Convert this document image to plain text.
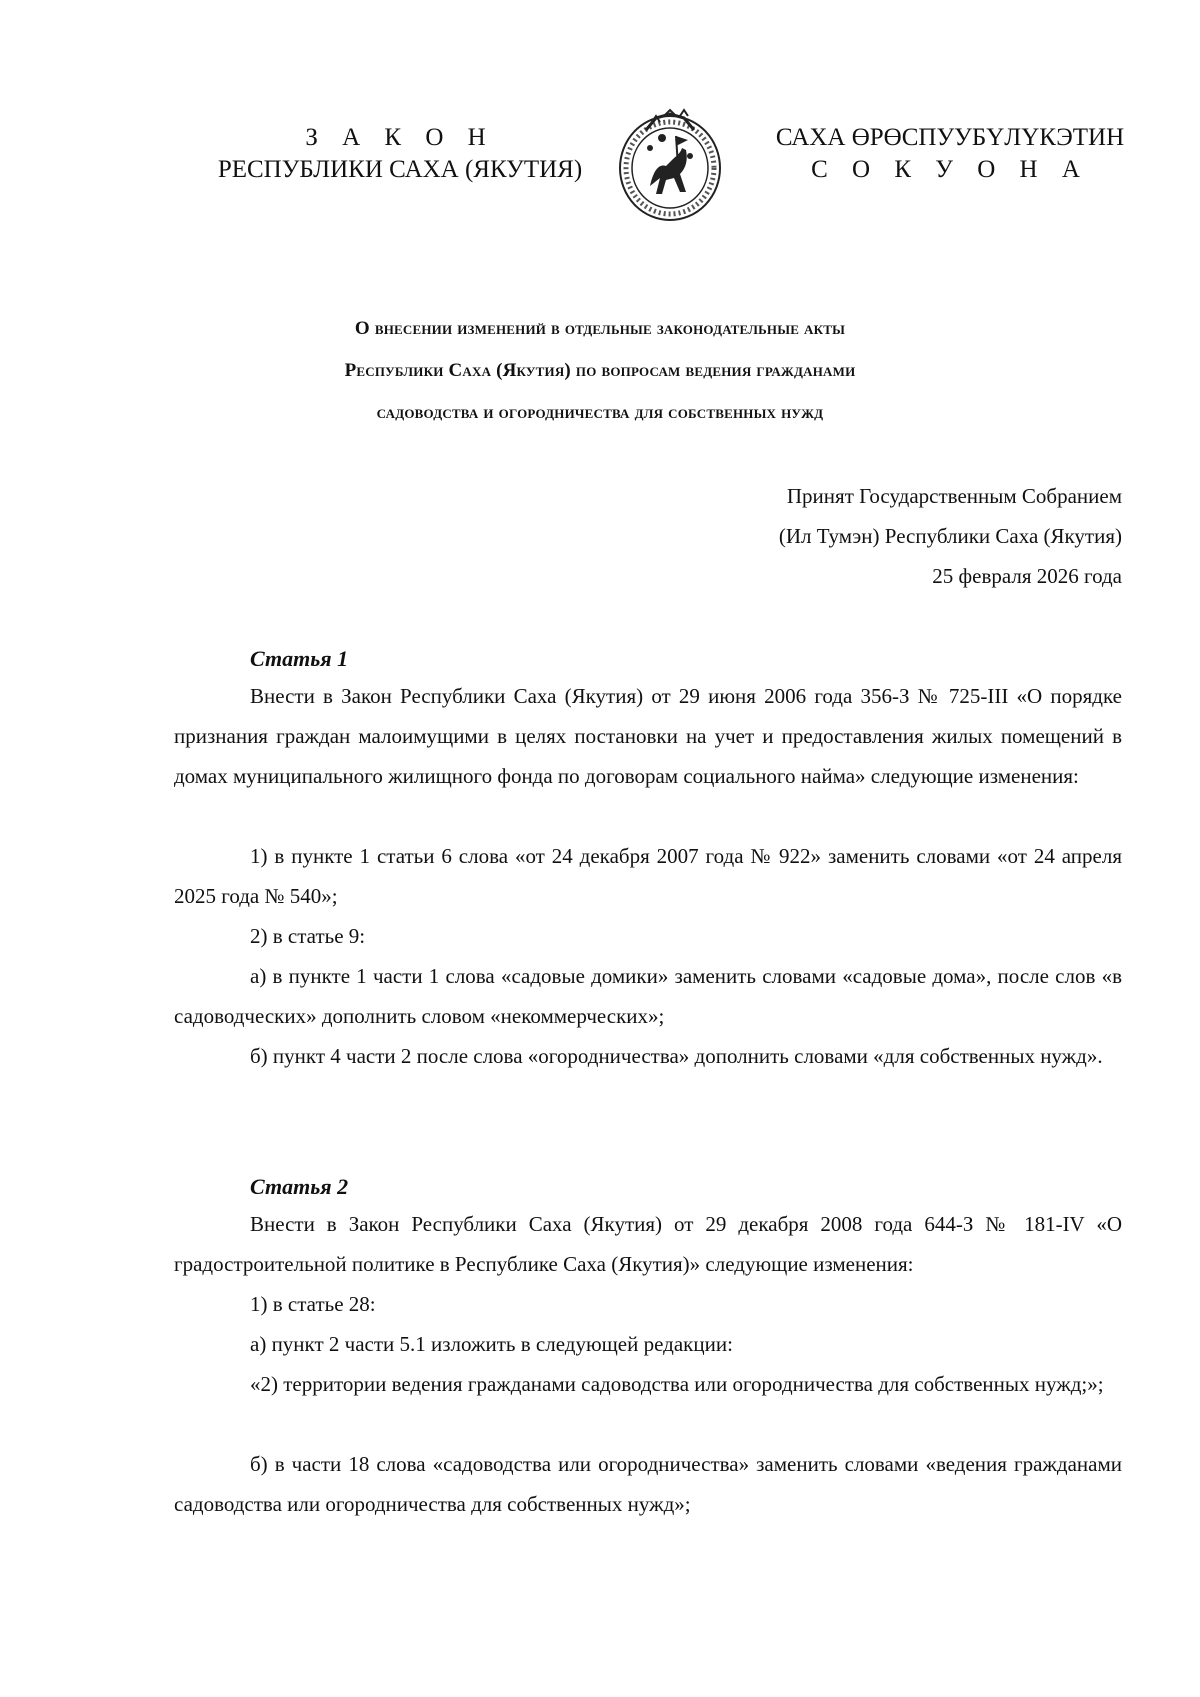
З А К О Н
РЕСПУБЛИКИ САХА (ЯКУТИЯ)
САХА ӨРӨСПУУБҮЛҮКЭТИН
С О К У О Н А
О внесении изменений в отдельные законодательные акты
Республики Саха (Якутия) по вопросам ведения гражданами
садоводства и огородничества для собственных нужд
Принят Государственным Собранием
(Ил Тумэн) Республики Саха (Якутия)
25 февраля 2026 года
Статья 1

Внести в Закон Республики Саха (Якутия) от 29 июня 2006 года 356-З № 725-III «О порядке признания граждан малоимущими в целях постановки на учет и предоставления жилых помещений в домах муниципального жилищного фонда по договорам социального найма» следующие изменения:

1) в пункте 1 статьи 6 слова «от 24 декабря 2007 года № 922» заменить словами «от 24 апреля 2025 года № 540»;

2) в статье 9:

а) в пункте 1 части 1 слова «садовые домики» заменить словами «садовые дома», после слов «в садоводческих» дополнить словом «некоммерческих»;

б) пункт 4 части 2 после слова «огородничества» дополнить словами «для собственных нужд».

Статья 2

Внести в Закон Республики Саха (Якутия) от 29 декабря 2008 года 644-З № 181-IV «О градостроительной политике в Республике Саха (Якутия)» следующие изменения:

1) в статье 28:

а) пункт 2 части 5.1 изложить в следующей редакции:

«2) территории ведения гражданами садоводства или огородничества для собственных нужд;»;

б) в части 18 слова «садоводства или огородничества» заменить словами «ведения гражданами садоводства или огородничества для собственных нужд»;
